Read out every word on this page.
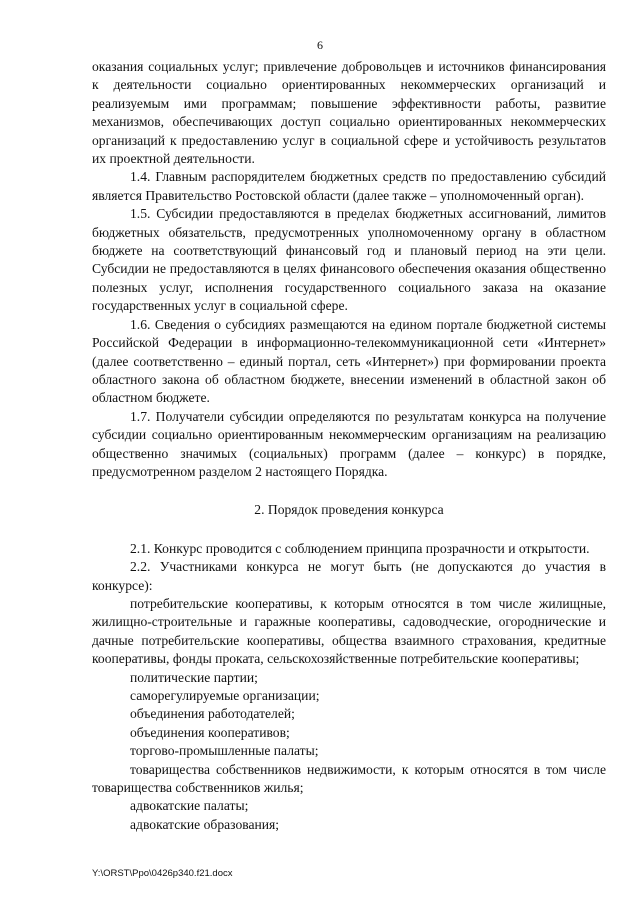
6

оказания социальных услуг; привлечение добровольцев и источников финансирования к деятельности социально ориентированных некоммерческих организаций и реализуемым ими программам; повышение эффективности работы, развитие механизмов, обеспечивающих доступ социально ориентированных некоммерческих организаций к предоставлению услуг в социальной сфере и устойчивость результатов их проектной деятельности.

1.4. Главным распорядителем бюджетных средств по предоставлению субсидий является Правительство Ростовской области (далее также – уполномоченный орган).

1.5. Субсидии предоставляются в пределах бюджетных ассигнований, лимитов бюджетных обязательств, предусмотренных уполномоченному органу в областном бюджете на соответствующий финансовый год и плановый период на эти цели. Субсидии не предоставляются в целях финансового обеспечения оказания общественно полезных услуг, исполнения государственного социального заказа на оказание государственных услуг в социальной сфере.

1.6. Сведения о субсидиях размещаются на едином портале бюджетной системы Российской Федерации в информационно-телекоммуникационной сети «Интернет» (далее соответственно – единый портал, сеть «Интернет») при формировании проекта областного закона об областном бюджете, внесении изменений в областной закон об областном бюджете.

1.7. Получатели субсидии определяются по результатам конкурса на получение субсидии социально ориентированным некоммерческим организациям на реализацию общественно значимых (социальных) программ (далее – конкурс) в порядке, предусмотренном разделом 2 настоящего Порядка.

2. Порядок проведения конкурса

2.1. Конкурс проводится с соблюдением принципа прозрачности и открытости.

2.2. Участниками конкурса не могут быть (не допускаются до участия в конкурсе):

потребительские кооперативы, к которым относятся в том числе жилищные, жилищно-строительные и гаражные кооперативы, садоводческие, огороднические и дачные потребительские кооперативы, общества взаимного страхования, кредитные кооперативы, фонды проката, сельскохозяйственные потребительские кооперативы;

политические партии;

саморегулируемые организации;

объединения работодателей;

объединения кооперативов;

торгово-промышленные палаты;

товарищества собственников недвижимости, к которым относятся в том числе товарищества собственников жилья;

адвокатские палаты;

адвокатские образования;

Y:\ORST\Ppo\0426p340.f21.docx
